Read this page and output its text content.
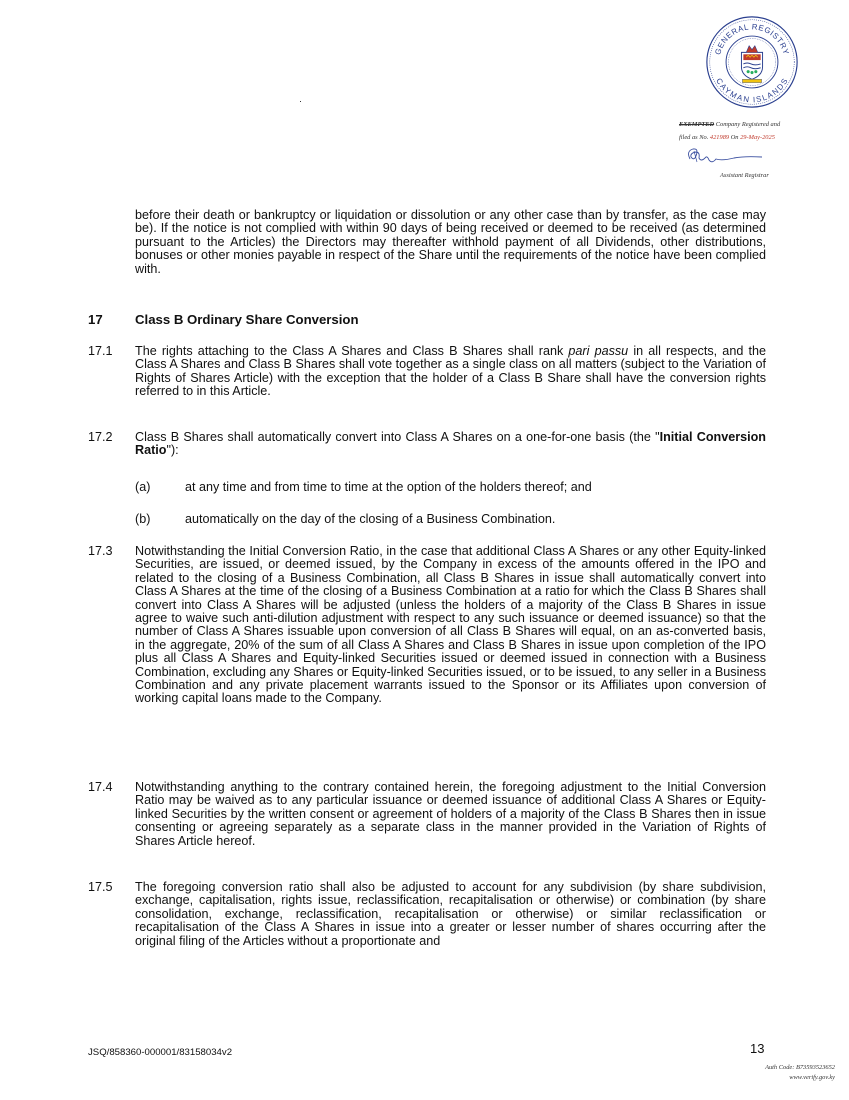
GENERAL REGISTRY
CAYMAN ISLANDS
EXEMPTED Company Registered and
filed as No. 421989 On 29-May-2025
Assistant Registrar
before their death or bankruptcy or liquidation or dissolution or any other case than by transfer, as the case may be). If the notice is not complied with within 90 days of being received or deemed to be received (as determined pursuant to the Articles) the Directors may thereafter withhold payment of all Dividends, other distributions, bonuses or other monies payable in respect of the Share until the requirements of the notice have been complied with.
17 Class B Ordinary Share Conversion
17.1 The rights attaching to the Class A Shares and Class B Shares shall rank pari passu in all respects, and the Class A Shares and Class B Shares shall vote together as a single class on all matters (subject to the Variation of Rights of Shares Article) with the exception that the holder of a Class B Share shall have the conversion rights referred to in this Article.
17.2 Class B Shares shall automatically convert into Class A Shares on a one-for-one basis (the "Initial Conversion Ratio"):
(a)	at any time and from time to time at the option of the holders thereof; and
(b)	automatically on the day of the closing of a Business Combination.
17.3 Notwithstanding the Initial Conversion Ratio, in the case that additional Class A Shares or any other Equity-linked Securities, are issued, or deemed issued, by the Company in excess of the amounts offered in the IPO and related to the closing of a Business Combination, all Class B Shares in issue shall automatically convert into Class A Shares at the time of the closing of a Business Combination at a ratio for which the Class B Shares shall convert into Class A Shares will be adjusted (unless the holders of a majority of the Class B Shares in issue agree to waive such anti-dilution adjustment with respect to any such issuance or deemed issuance) so that the number of Class A Shares issuable upon conversion of all Class B Shares will equal, on an as-converted basis, in the aggregate, 20% of the sum of all Class A Shares and Class B Shares in issue upon completion of the IPO plus all Class A Shares and Equity-linked Securities issued or deemed issued in connection with a Business Combination, excluding any Shares or Equity-linked Securities issued, or to be issued, to any seller in a Business Combination and any private placement warrants issued to the Sponsor or its Affiliates upon conversion of working capital loans made to the Company.
17.4 Notwithstanding anything to the contrary contained herein, the foregoing adjustment to the Initial Conversion Ratio may be waived as to any particular issuance or deemed issuance of additional Class A Shares or Equity-linked Securities by the written consent or agreement of holders of a majority of the Class B Shares then in issue consenting or agreeing separately as a separate class in the manner provided in the Variation of Rights of Shares Article hereof.
17.5 The foregoing conversion ratio shall also be adjusted to account for any subdivision (by share subdivision, exchange, capitalisation, rights issue, reclassification, recapitalisation or otherwise) or combination (by share consolidation, exchange, reclassification, recapitalisation or otherwise) or similar reclassification or recapitalisation of the Class A Shares in issue into a greater or lesser number of shares occurring after the original filing of the Articles without a proportionate and
JSQ/858360-000001/83158034v2	13
Auth Code: B73593523652
www.verify.gov.ky
